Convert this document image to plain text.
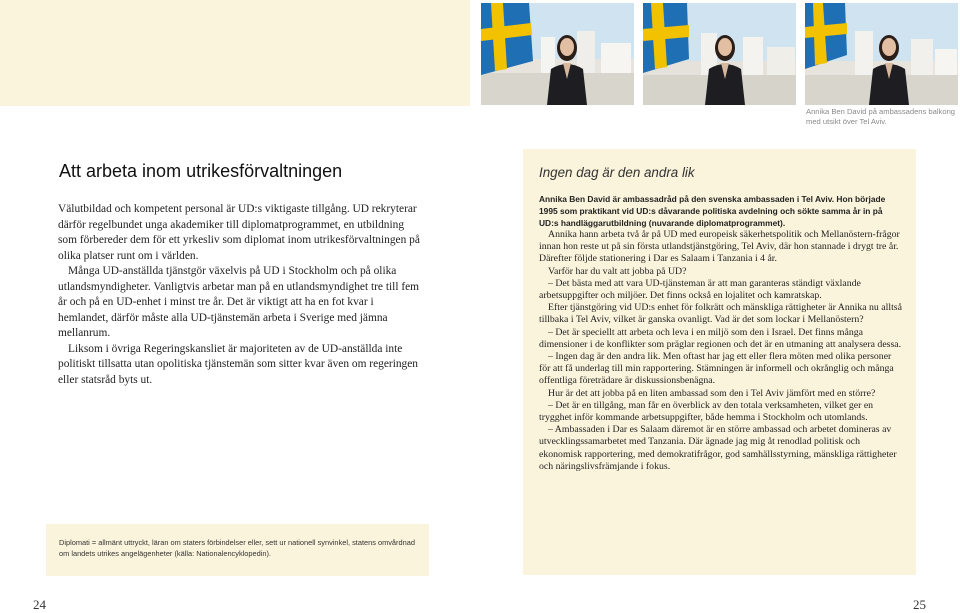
Annika Ben David på ambassadens balkong med utsikt över Tel Aviv.
Att arbeta inom utrikesförvaltningen

Välutbildad och kompetent personal är UD:s viktigaste tillgång. UD rekryterar därför regelbundet unga akademiker till diplomatprogrammet, en utbildning som förbereder dem för ett yrkesliv som diplomat inom utrikesförvaltningen på olika platser runt om i världen.

Många UD-anställda tjänstgör växelvis på UD i Stockholm och på olika utlandsmyndigheter. Vanligtvis arbetar man på en utlandsmyndighet tre till fem år och på en UD-enhet i minst tre år. Det är viktigt att ha en fot kvar i hemlandet, därför måste alla UD-tjänstemän arbeta i Sverige med jämna mellanrum.

Liksom i övriga Regeringskansliet är majoriteten av de UD-anställda inte politiskt tillsatta utan opolitiska tjänstemän som sitter kvar även om regeringen eller statsråd byts ut.

Diplomati = allmänt uttryckt, läran om staters förbindelser eller, sett ur nationell synvinkel, statens omvårdnad om landets utrikes angelägenheter (källa: Nationalencyklopedin).
Ingen dag är den andra lik

Annika Ben David är ambassadråd på den svenska ambassaden i Tel Aviv. Hon började 1995 som praktikant vid UD:s dåvarande politiska avdelning och sökte samma år in på UD:s handläggarutbildning (nuvarande diplomatprogrammet).

Annika hann arbeta två år på UD med europeisk säkerhetspolitik och Mellanöstern-frågor innan hon reste ut på sin första utlandstjänstgöring, Tel Aviv, där hon stannade i drygt tre år. Därefter följde stationering i Dar es Salaam i Tanzania i 4 år.

Varför har du valt att jobba på UD?

– Det bästa med att vara UD-tjänsteman är att man garanteras ständigt växlande arbetsuppgifter och miljöer. Det finns också en lojalitet och kamratskap.

Efter tjänstgöring vid UD:s enhet för folkrätt och mänskliga rättigheter är Annika nu alltså tillbaka i Tel Aviv, vilket är ganska ovanligt. Vad är det som lockar i Mellanöstern?

– Det är speciellt att arbeta och leva i en miljö som den i Israel. Det finns många dimensioner i de konflikter som präglar regionen och det är en utmaning att analysera dessa.

– Ingen dag är den andra lik. Men oftast har jag ett eller flera möten med olika personer för att få underlag till min rapportering. Stämningen är informell och okrånglig och många offentliga företrädare är diskussionsbenägna.

Hur är det att jobba på en liten ambassad som den i Tel Aviv jämfört med en större?

– Det är en tillgång, man får en överblick av den totala verksamheten, vilket ger en trygghet inför kommande arbetsuppgifter, både hemma i Stockholm och utomlands.

– Ambassaden i Dar es Salaam däremot är en större ambassad och arbetet domineras av utvecklingssamarbetet med Tanzania. Där ägnade jag mig åt renodlad politisk och ekonomisk rapportering, med demokratifrågor, god samhällsstyrning, mänskliga rättigheter och näringslivsfrämjande i fokus.

24	25
